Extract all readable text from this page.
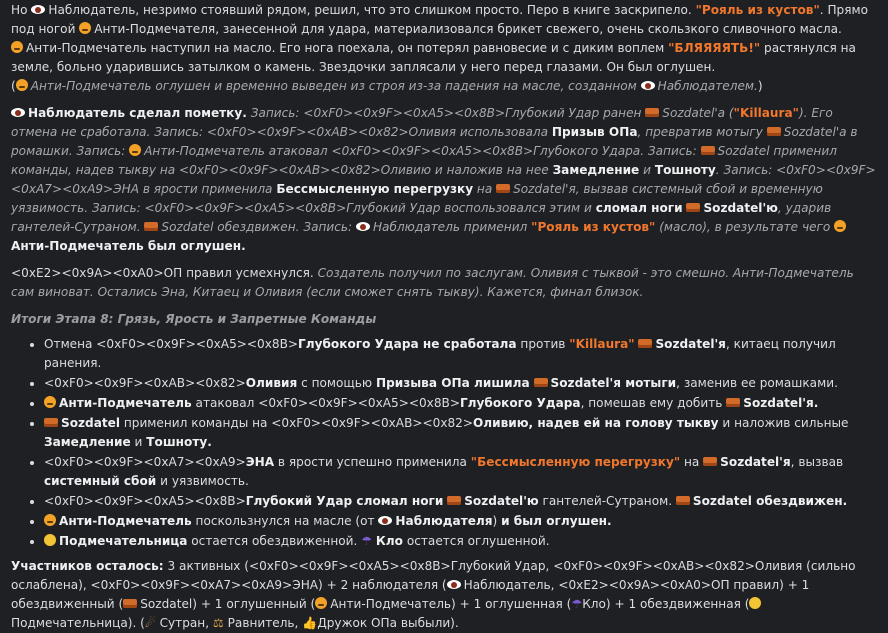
Но Наблюдатель, незримо стоявший рядом, решил, что это слишком просто. Перо в книге заскрипело. "Рояль из кустов". Прямо под ногой Анти-Подмечателя, занесенной для удара, материализовался брикет свежего, очень скользкого сливочного масла.
Анти-Подмечатель наступил на масло. Его нога поехала, он потерял равновесие и с диким воплем "БЛЯЯЯЯТЬ!" растянулся на земле, больно ударившись затылком о камень. Звездочки заплясали у него перед глазами. Он был оглушен.
( Анти-Подмечатель оглушен и временно выведен из строя из-за падения на масле, созданном Наблюдателем.)

Наблюдатель сделал пометку. Запись: <0xF0><0x9F><0xA5><0x8B>Глубокий Удар ранен Sozdatel'а ("Killaura"). Его отмена не сработала. Запись: <0xF0><0x9F><0xAB><0x82>Оливия использовала Призыв ОПа, превратив мотыгу Sozdatel'а в ромашки. Запись: Анти-Подмечатель атаковал <0xF0><0x9F><0xA5><0x8B>Глубокого Удара. Запись: Sozdatel применил команды, надев тыкву на <0xF0><0x9F><0xAB><0x82>Оливию и наложив на нее Замедление и Тошноту. Запись: <0xF0><0x9F><0xA7><0xA9>ЭНА в ярости применила Бессмысленную перегрузку на Sozdatel'я, вызвав системный сбой и временную уязвимость. Запись: <0xF0><0x9F><0xA5><0x8B>Глубокий Удар воспользовался этим и сломал ноги Sozdatel'ю, ударив гантелей-Сутраном. Sozdatel обездвижен. Запись: Наблюдатель применил "Рояль из кустов" (масло), в результате чего Анти-Подмечатель был оглушен.

<0xE2><0x9A><0xA0>ОП правил усмехнулся. Создатель получил по заслугам. Оливия с тыквой - это смешно. Анти-Подмечатель сам виноват. Остались Эна, Китаец и Оливия (если сможет снять тыкву). Кажется, финал близок.

Итоги Этапа 8: Грязь, Ярость и Запретные Команды
• Отмена <0xF0><0x9F><0xA5><0x8B>Глубокого Удара не сработала против "Killaura" Sozdatel'я, китаец получил ранения.
• <0xF0><0x9F><0xAB><0x82>Оливия с помощью Призыва ОПа лишила Sozdatel'я мотыги, заменив ее ромашками.
• Анти-Подмечатель атаковал <0xF0><0x9F><0xA5><0x8B>Глубокого Удара, помешав ему добить Sozdatel'я.
• Sozdatel применил команды на <0xF0><0x9F><0xAB><0x82>Оливию, надев ей на голову тыкву и наложив сильные Замедление и Тошноту.
• <0xF0><0x9F><0xA7><0xA9>ЭНА в ярости успешно применила "Бессмысленную перегрузку" на Sozdatel'я, вызвав системный сбой и уязвимость.
• <0xF0><0x9F><0xA5><0x8B>Глубокий Удар сломал ноги Sozdatel'ю гантелей-Сутраном. Sozdatel обездвижен.
• Анти-Подмечатель поскользнулся на масле (от Наблюдателя) и был оглушен.
• Подмечательница остается обездвиженной. ☂ Кло остается оглушенной.

Участников осталось: 3 активных (<0xF0><0x9F><0xA5><0x8B>Глубокий Удар, <0xF0><0x9F><0xAB><0x82>Оливия (сильно ослаблена), <0xF0><0x9F><0xA7><0xA9>ЭНА) + 2 наблюдателя ( Наблюдатель, <0xE2><0x9A><0xA0>ОП правил) + 1 обездвиженный ( Sozdatel) + 1 оглушенный ( Анти-Подмечатель) + 1 оглушенная (☂Кло) + 1 обездвиженная (Подмечательница). (☄ Сутран, ⚖ Равнитель, 👍Дружок ОПа выбыли).
